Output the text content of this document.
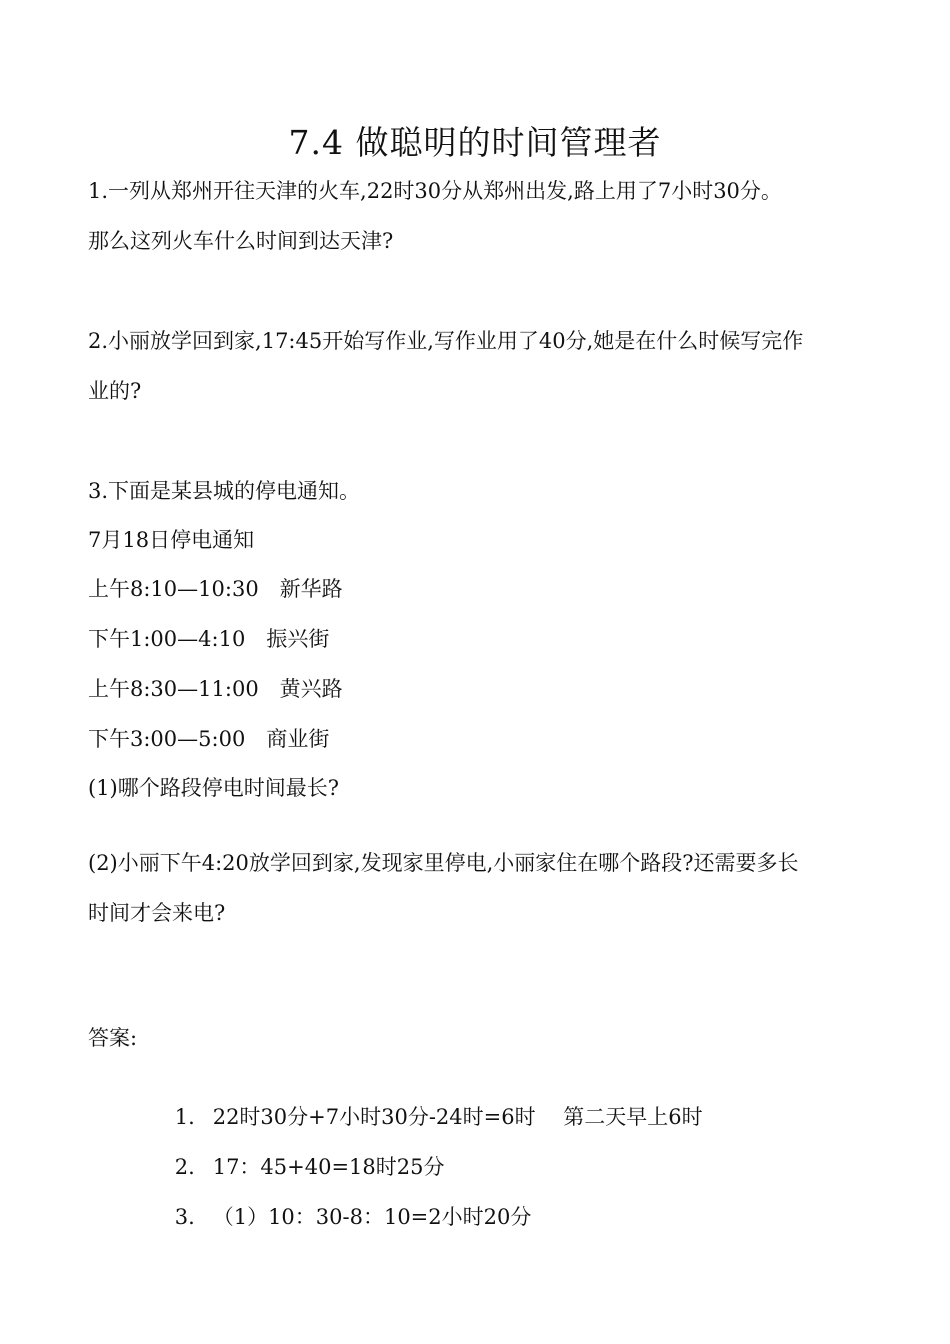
7.4 做聪明的时间管理者
1.一列从郑州开往天津的火车,22时30分从郑州出发,路上用了7小时30分。
那么这列火车什么时间到达天津?
2.小丽放学回到家,17:45开始写作业,写作业用了40分,她是在什么时候写完作
业的?
3.下面是某县城的停电通知。
7月18日停电通知
上午8:10—10:30　新华路
下午1:00—4:10　振兴街
上午8:30—11:00　黄兴路
下午3:00—5:00　商业街
(1)哪个路段停电时间最长?
(2)小丽下午4:20放学回到家,发现家里停电,小丽家住在哪个路段?还需要多长
时间才会来电?
答案:

1. 22时30分+7小时30分-24时=6时　 第二天早上6时

2. 17：45+40=18时25分

3. （1）10：30-8：10=2小时20分
